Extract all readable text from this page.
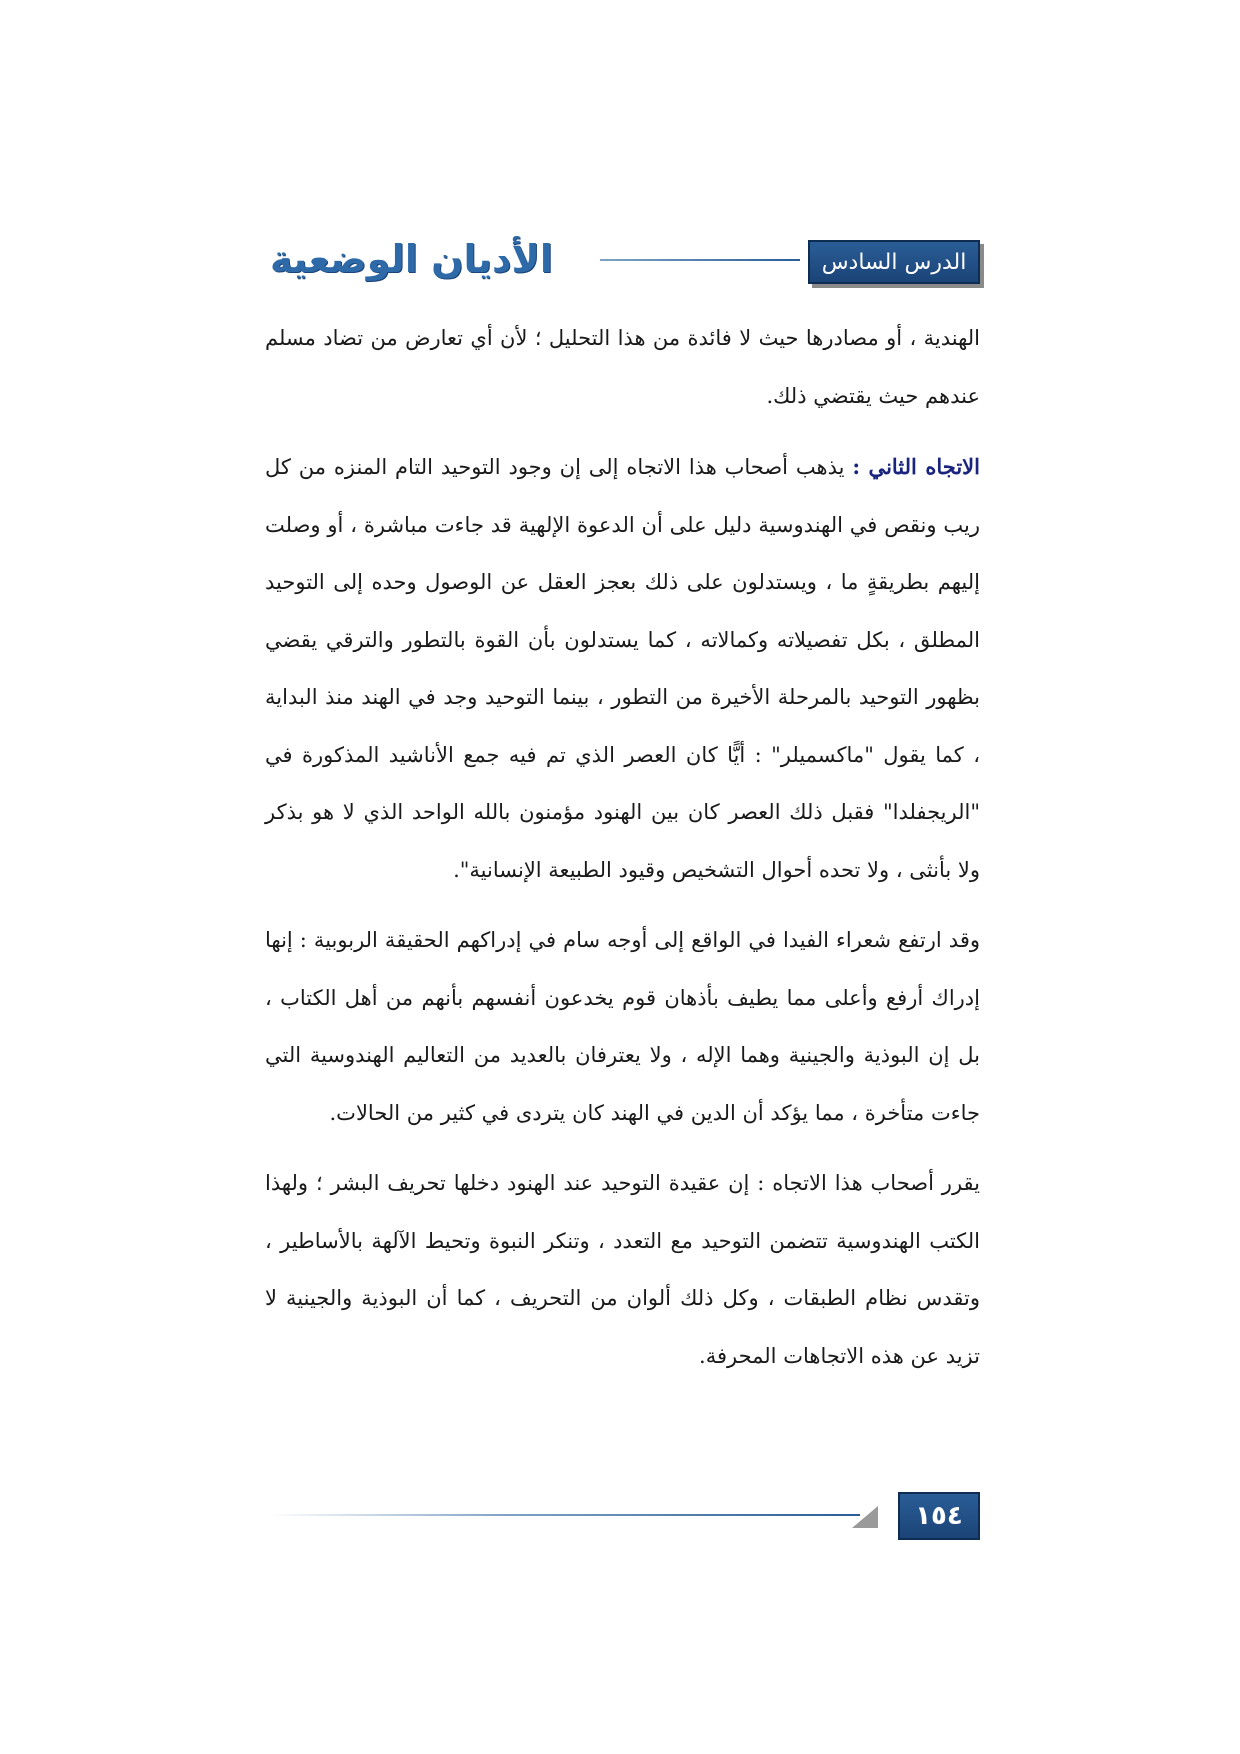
الدرس السادس
الأديان الوضعية

الهندية ، أو مصادرها حيث لا فائدة من هذا التحليل ؛ لأن أي تعارض من تضاد مسلم عندهم حيث يقتضي ذلك.

الاتجاه الثاني : يذهب أصحاب هذا الاتجاه إلى إن وجود التوحيد التام المنزه من كل ريب ونقص في الهندوسية دليل على أن الدعوة الإلهية قد جاءت مباشرة ، أو وصلت إليهم بطريقةٍ ما ، ويستدلون على ذلك بعجز العقل عن الوصول وحده إلى التوحيد المطلق ، بكل تفصيلاته وكمالاته ، كما يستدلون بأن القوة بالتطور والترقي يقضي بظهور التوحيد بالمرحلة الأخيرة من التطور ، بينما التوحيد وجد في الهند منذ البداية ، كما يقول "ماكسميلر" : أيًّا كان العصر الذي تم فيه جمع الأناشيد المذكورة في "الريجفلدا" فقبل ذلك العصر كان بين الهنود مؤمنون بالله الواحد الذي لا هو بذكر ولا بأنثى ، ولا تحده أحوال التشخيص وقيود الطبيعة الإنسانية".

وقد ارتفع شعراء الفيدا في الواقع إلى أوجه سام في إدراكهم الحقيقة الربوبية : إنها إدراك أرفع وأعلى مما يطيف بأذهان قوم يخدعون أنفسهم بأنهم من أهل الكتاب ، بل إن البوذية والجينية وهما الإله ، ولا يعترفان بالعديد من التعاليم الهندوسية التي جاءت متأخرة ، مما يؤكد أن الدين في الهند كان يتردى في كثير من الحالات.

يقرر أصحاب هذا الاتجاه : إن عقيدة التوحيد عند الهنود دخلها تحريف البشر ؛ ولهذا الكتب الهندوسية تتضمن التوحيد مع التعدد ، وتنكر النبوة وتحيط الآلهة بالأساطير ، وتقدس نظام الطبقات ، وكل ذلك ألوان من التحريف ، كما أن البوذية والجينية لا تزيد عن هذه الاتجاهات المحرفة.

١٥٤
